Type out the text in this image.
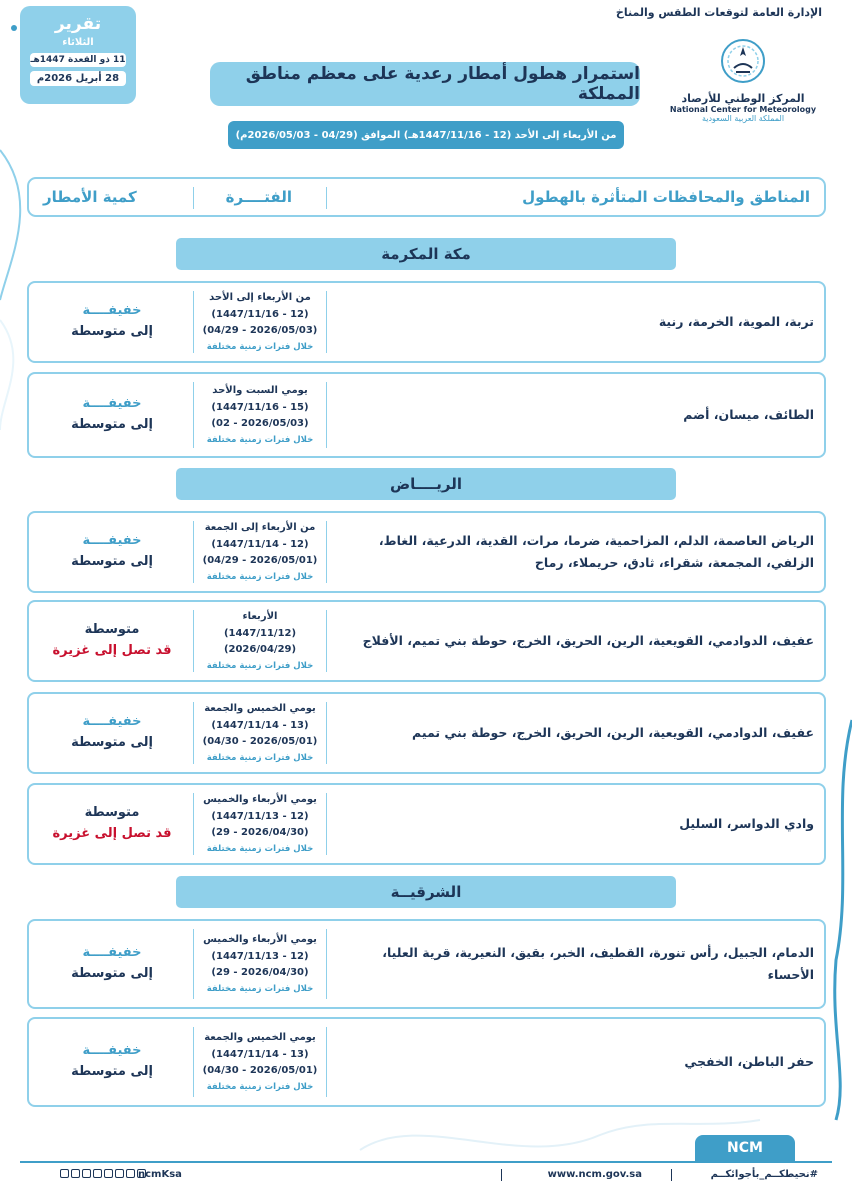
الإدارة العامة لتوقعات الطقس والمناخ
تقرير
الثلاثاء
11 ذو القعدة 1447هـ
28 أبريل 2026م
المركز الوطني للأرصاد
National Center for Meteorology
المملكة العربية السعودية
استمرار هطول أمطار رعدية على معظم مناطق المملكة
من الأربعاء إلى الأحد (12 - 1447/11/16هـ) الموافق (04/29 - 2026/05/03م)
المناطق والمحافظات المتأثرة بالهطول
الفتــــرة
كمية الأمطار
مكة المكرمة
تربة، الموية، الخرمة، رنية
من الأربعاء إلى الأحد
(12 - 1447/11/16)
(2026/05/03 - 04/29)
خلال فترات زمنية مختلفة
خفيفــــة
إلى متوسطة
الطائف، ميسان، أضم
يومي السبت والأحد
(15 - 1447/11/16)
(2026/05/03 - 02)
خلال فترات زمنية مختلفة
خفيفــــة
إلى متوسطة
الريــــاض
الرياض العاصمة، الدلم، المزاحمية، ضرما، مرات، القدية، الدرعية، الغاط، الزلفي، المجمعة، شقراء، ثادق، حريملاء، رماح
من الأربعاء إلى الجمعة
(12 - 1447/11/14)
(2026/05/01 - 04/29)
خلال فترات زمنية مختلفة
خفيفــــة
إلى متوسطة
عفيف، الدوادمي، القويعية، الرين، الحريق، الخرج، حوطة بني تميم، الأفلاج
الأربعاء
(1447/11/12)
(2026/04/29)
خلال فترات زمنية مختلفة
متوسطة
قد تصل إلى غزيرة
عفيف، الدوادمي، القويعية، الرين، الحريق، الخرج، حوطة بني تميم
يومي الخميس والجمعة
(13 - 1447/11/14)
(2026/05/01 - 04/30)
خلال فترات زمنية مختلفة
خفيفــــة
إلى متوسطة
وادي الدواسر، السليل
يومي الأربعاء والخميس
(12 - 1447/11/13)
(2026/04/30 - 29)
خلال فترات زمنية مختلفة
متوسطة
قد تصل إلى غزيرة
الشرقيــة
الدمام، الجبيل، رأس تنورة، القطيف، الخبر، بقيق، النعيرية، قرية العليا، الأحساء
يومي الأربعاء والخميس
(12 - 1447/11/13)
(2026/04/30 - 29)
خلال فترات زمنية مختلفة
خفيفــــة
إلى متوسطة
حفر الباطن، الخفجي
يومي الخميس والجمعة
(13 - 1447/11/14)
(2026/05/01 - 04/30)
خلال فترات زمنية مختلفة
خفيفــــة
إلى متوسطة
NCM
#نحيطكــم_بأجوائكــم
www.ncm.gov.sa
ncmKsa
